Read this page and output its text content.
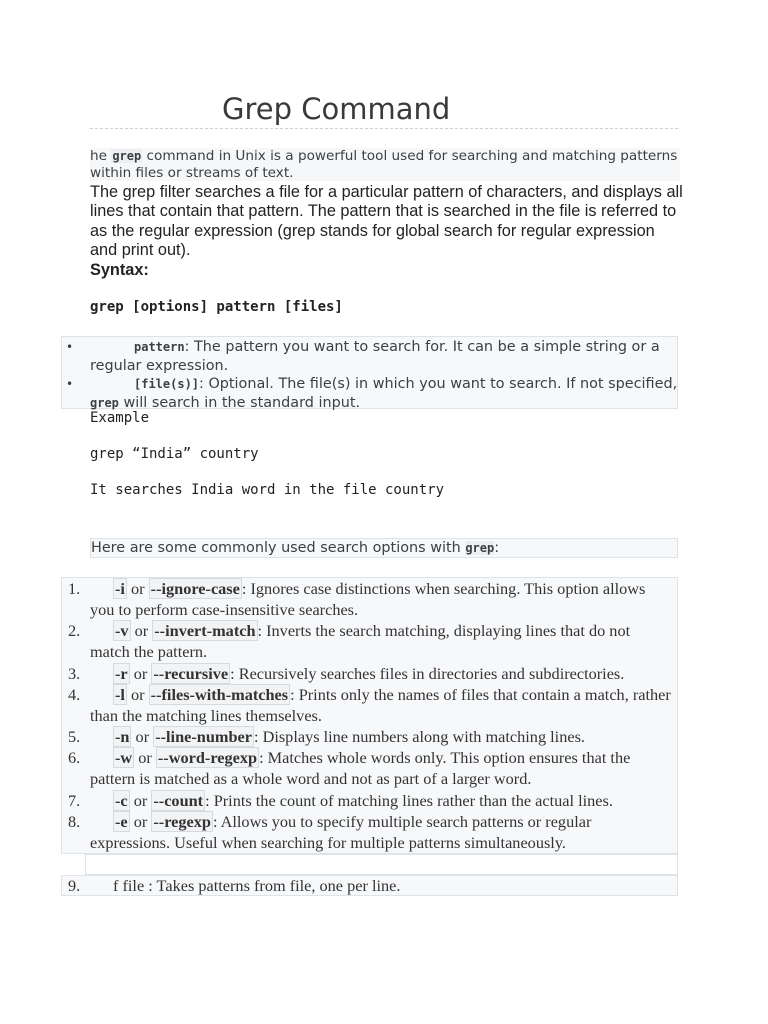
Grep Command
he grep command in Unix is a powerful tool used for searching and matching patterns within files or streams of text.
The grep filter searches a file for a particular pattern of characters, and displays all lines that contain that pattern. The pattern that is searched in the file is referred to as the regular expression (grep stands for global search for regular expression and print out).
Syntax:
grep [options] pattern [files]
•	pattern: The pattern you want to search for. It can be a simple string or a regular expression.
•	[file(s)]: Optional. The file(s) in which you want to search. If not specified, grep will search in the standard input.
Example
grep “India” country
It searches India word in the file country
Here are some commonly used search options with grep:
1. -i or --ignore-case : Ignores case distinctions when searching. This option allows you to perform case-insensitive searches.
2. -v or --invert-match : Inverts the search matching, displaying lines that do not match the pattern.
3. -r or --recursive : Recursively searches files in directories and subdirectories.
4. -l or --files-with-matches : Prints only the names of files that contain a match, rather than the matching lines themselves.
5. -n or --line-number : Displays line numbers along with matching lines.
6. -w or --word-regexp : Matches whole words only. This option ensures that the pattern is matched as a whole word and not as part of a larger word.
7. -c or --count : Prints the count of matching lines rather than the actual lines.
8. -e or --regexp : Allows you to specify multiple search patterns or regular expressions. Useful when searching for multiple patterns simultaneously.
9. f file : Takes patterns from file, one per line.
